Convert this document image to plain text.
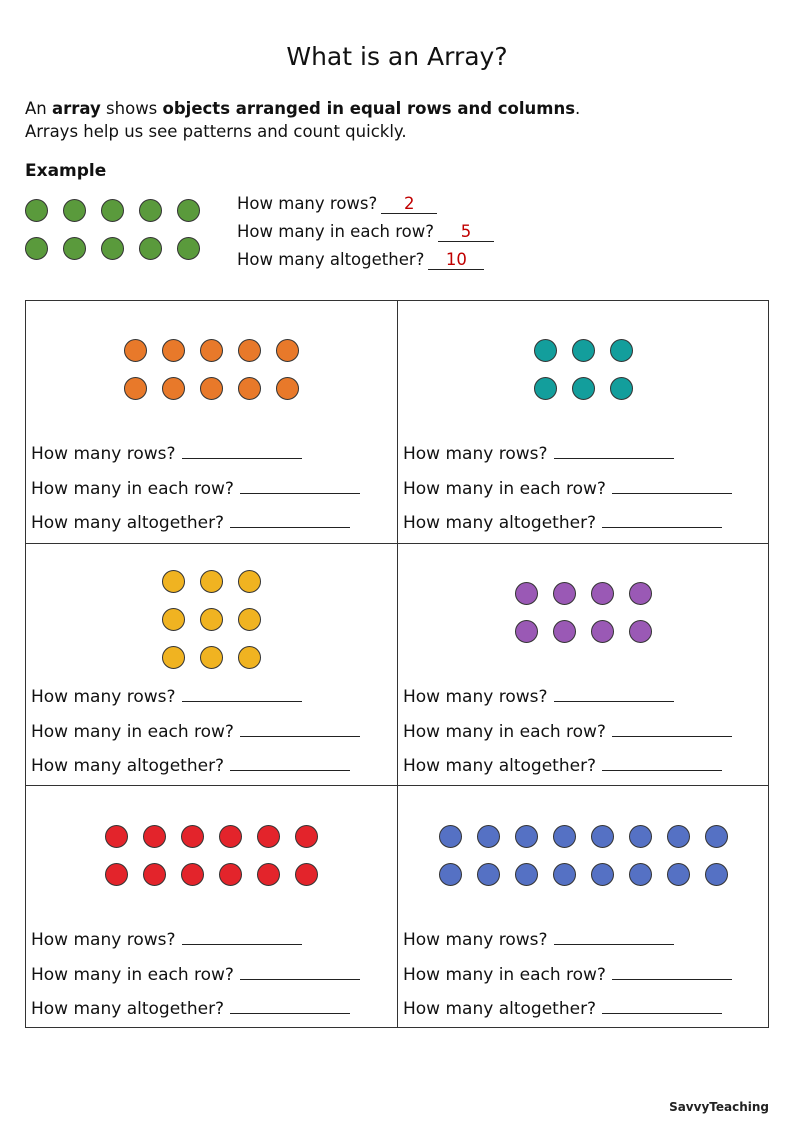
What is an Array?
An array shows objects arranged in equal rows and columns.
Arrays help us see patterns and count quickly.
Example
How many rows? 2
How many in each row? 5
How many altogether? 10
How many rows?
How many in each row?
How many altogether?
How many rows?
How many in each row?
How many altogether?
How many rows?
How many in each row?
How many altogether?
How many rows?
How many in each row?
How many altogether?
How many rows?
How many in each row?
How many altogether?
How many rows?
How many in each row?
How many altogether?
SavvyTeaching
